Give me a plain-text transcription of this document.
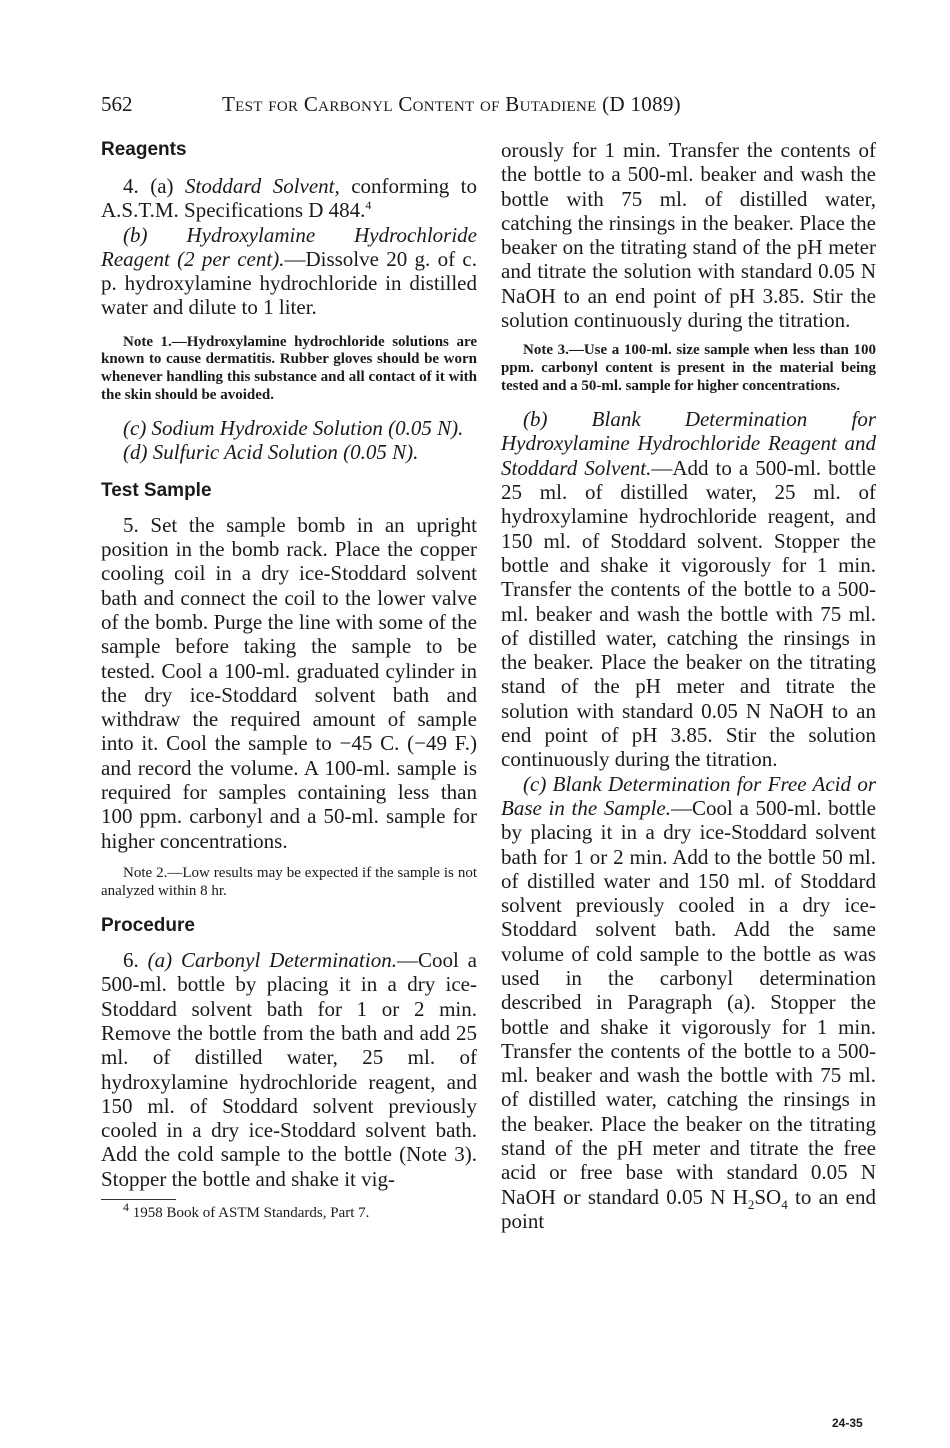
562	Test for Carbonyl Content of Butadiene (D 1089)

Reagents

4. (a) Stoddard Solvent, conforming to A.S.T.M. Specifications D 484.$^4$

(b) Hydroxylamine Hydrochloride Reagent (2 per cent).—Dissolve 20 g. of c. p. hydroxylamine hydrochloride in distilled water and dilute to 1 liter.

Note 1.—Hydroxylamine hydrochloride solutions are known to cause dermatitis. Rubber gloves should be worn whenever handling this substance and all contact of it with the skin should be avoided.

(c) Sodium Hydroxide Solution (0.05 N).

(d) Sulfuric Acid Solution (0.05 N).

Test Sample

5. Set the sample bomb in an upright position in the bomb rack. Place the copper cooling coil in a dry ice-Stoddard solvent bath and connect the coil to the lower valve of the bomb. Purge the line with some of the sample before taking the sample to be tested. Cool a 100-ml. graduated cylinder in the dry ice-Stoddard solvent bath and withdraw the required amount of sample into it. Cool the sample to −45 C. (−49 F.) and record the volume. A 100-ml. sample is required for samples containing less than 100 ppm. carbonyl and a 50-ml. sample for higher concentrations.

Note 2.—Low results may be expected if the sample is not analyzed within 8 hr.

Procedure

6. (a) Carbonyl Determination.—Cool a 500-ml. bottle by placing it in a dry ice-Stoddard solvent bath for 1 or 2 min. Remove the bottle from the bath and add 25 ml. of distilled water, 25 ml. of hydroxylamine hydrochloride reagent, and 150 ml. of Stoddard solvent previously cooled in a dry ice-Stoddard solvent bath. Add the cold sample to the bottle (Note 3). Stopper the bottle and shake it vig-

$^4$ 1958 Book of ASTM Standards, Part 7.

orously for 1 min. Transfer the contents of the bottle to a 500-ml. beaker and wash the bottle with 75 ml. of distilled water, catching the rinsings in the beaker. Place the beaker on the titrating stand of the pH meter and titrate the solution with standard 0.05 N NaOH to an end point of pH 3.85. Stir the solution continuously during the titration.

Note 3.—Use a 100-ml. size sample when less than 100 ppm. carbonyl content is present in the material being tested and a 50-ml. sample for higher concentrations.

(b) Blank Determination for Hydroxylamine Hydrochloride Reagent and Stoddard Solvent.—Add to a 500-ml. bottle 25 ml. of distilled water, 25 ml. of hydroxylamine hydrochloride reagent, and 150 ml. of Stoddard solvent. Stopper the bottle and shake it vigorously for 1 min. Transfer the contents of the bottle to a 500-ml. beaker and wash the bottle with 75 ml. of distilled water, catching the rinsings in the beaker. Place the beaker on the titrating stand of the pH meter and titrate the solution with standard 0.05 N NaOH to an end point of pH 3.85. Stir the solution continuously during the titration.

(c) Blank Determination for Free Acid or Base in the Sample.—Cool a 500-ml. bottle by placing it in a dry ice-Stoddard solvent bath for 1 or 2 min. Add to the bottle 50 ml. of distilled water and 150 ml. of Stoddard solvent previously cooled in a dry ice-Stoddard solvent bath. Add the same volume of cold sample to the bottle as was used in the carbonyl determination described in Paragraph (a). Stopper the bottle and shake it vigorously for 1 min. Transfer the contents of the bottle to a 500-ml. beaker and wash the bottle with 75 ml. of distilled water, catching the rinsings in the beaker. Place the beaker on the titrating stand of the pH meter and titrate the free acid or free base with standard 0.05 N NaOH or standard 0.05 N $H_2SO_4$ to an end point

24-35
